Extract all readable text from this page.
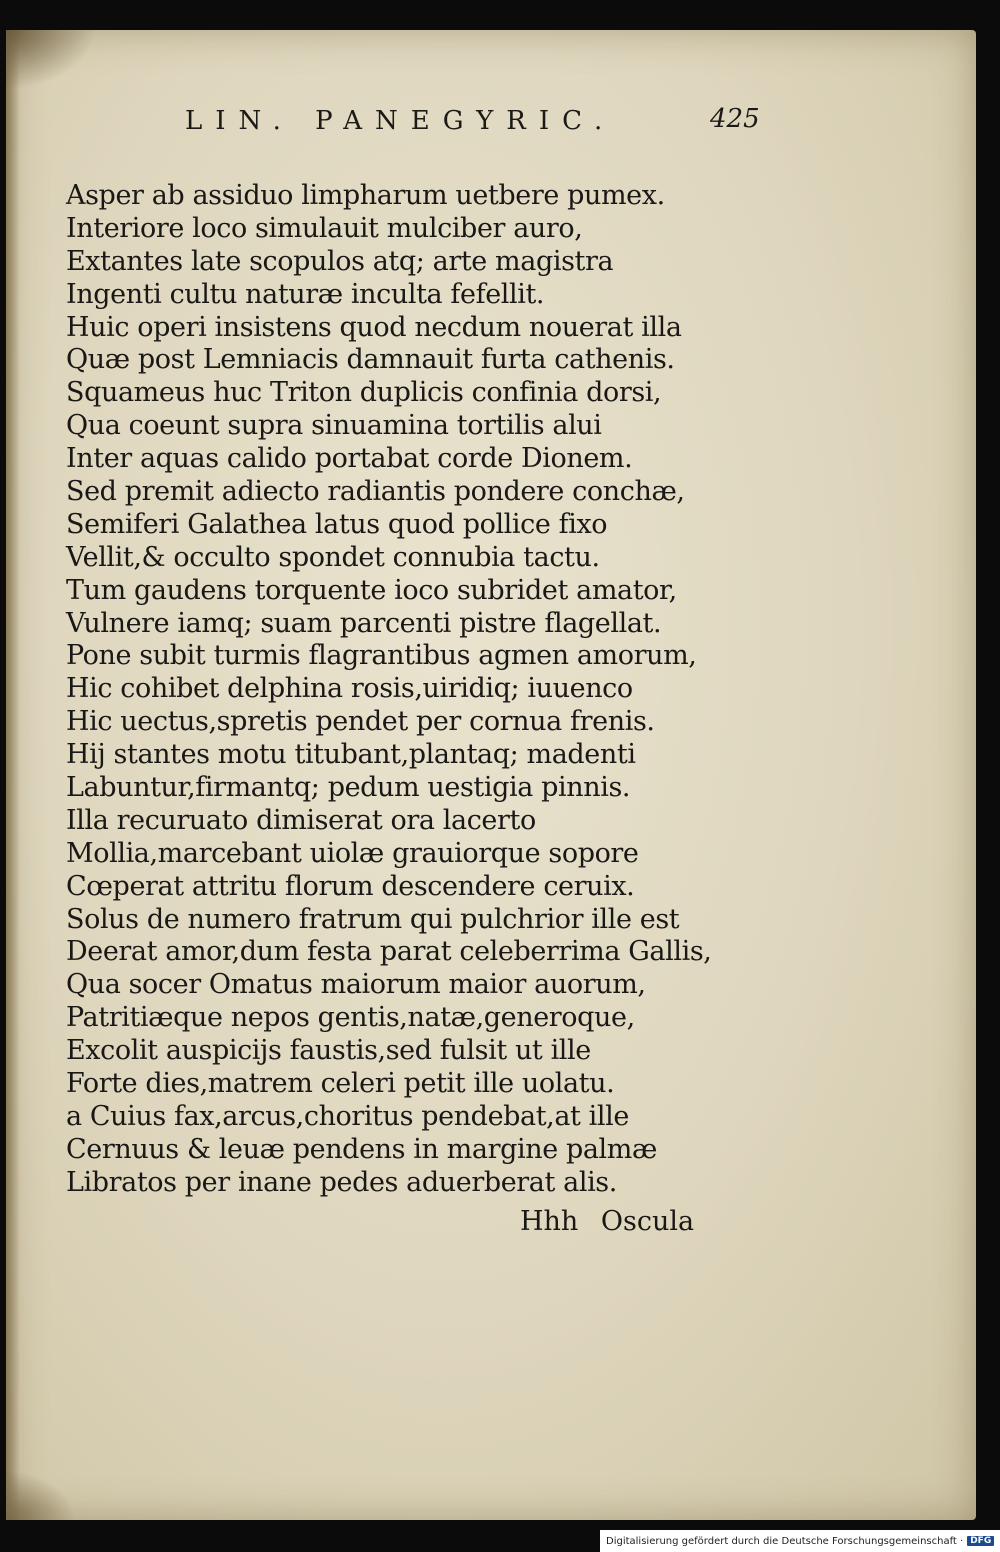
LIN. PANEGYRIC.	425
Asper ab assiduo limpharum uetbere pumex.
Interiore loco simulauit mulciber auro,
Extantes late scopulos atq; arte magistra
Ingenti cultu naturæ inculta fefellit.
Huic operi insistens quod necdum nouerat illa
Quæ post Lemniacis damnauit furta cathenis.
Squameus huc Triton duplicis confinia dorsi,
Qua coeunt supra sinuamina tortilis alui
Inter aquas calido portabat corde Dionem.
Sed premit adiecto radiantis pondere conchæ,
Semiferi Galathea latus quod pollice fixo
Vellit,& occulto spondet connubia tactu.
Tum gaudens torquente ioco subridet amator,
Vulnere iamq; suam parcenti pistre flagellat.
Pone subit turmis flagrantibus agmen amorum,
Hic cohibet delphina rosis,uiridiq; iuuenco
Hic uectus,spretis pendet per cornua frenis.
Hij stantes motu titubant,plantaq; madenti
Labuntur,firmantq; pedum uestigia pinnis.
Illa recuruato dimiserat ora lacerto
Mollia,marcebant uiolæ grauiorque sopore
Cœperat attritu florum descendere ceruix.
Solus de numero fratrum qui pulchrior ille est
Deerat amor,dum festa parat celeberrima Gallis,
Qua socer Omatus maiorum maior auorum,
Patritiæque nepos gentis,natæ,generoque,
Excolit auspicijs faustis,sed fulsit ut ille
Forte dies,matrem celeri petit ille uolatu.
a Cuius fax,arcus,choritus pendebat,at ille
Cernuus & leuæ pendens in margine palmæ
Libratos per inane pedes aduerberat alis.
Hhh Oscula
Digitalisierung gefördert durch die Deutsche Forschungsgemeinschaft · DFG
